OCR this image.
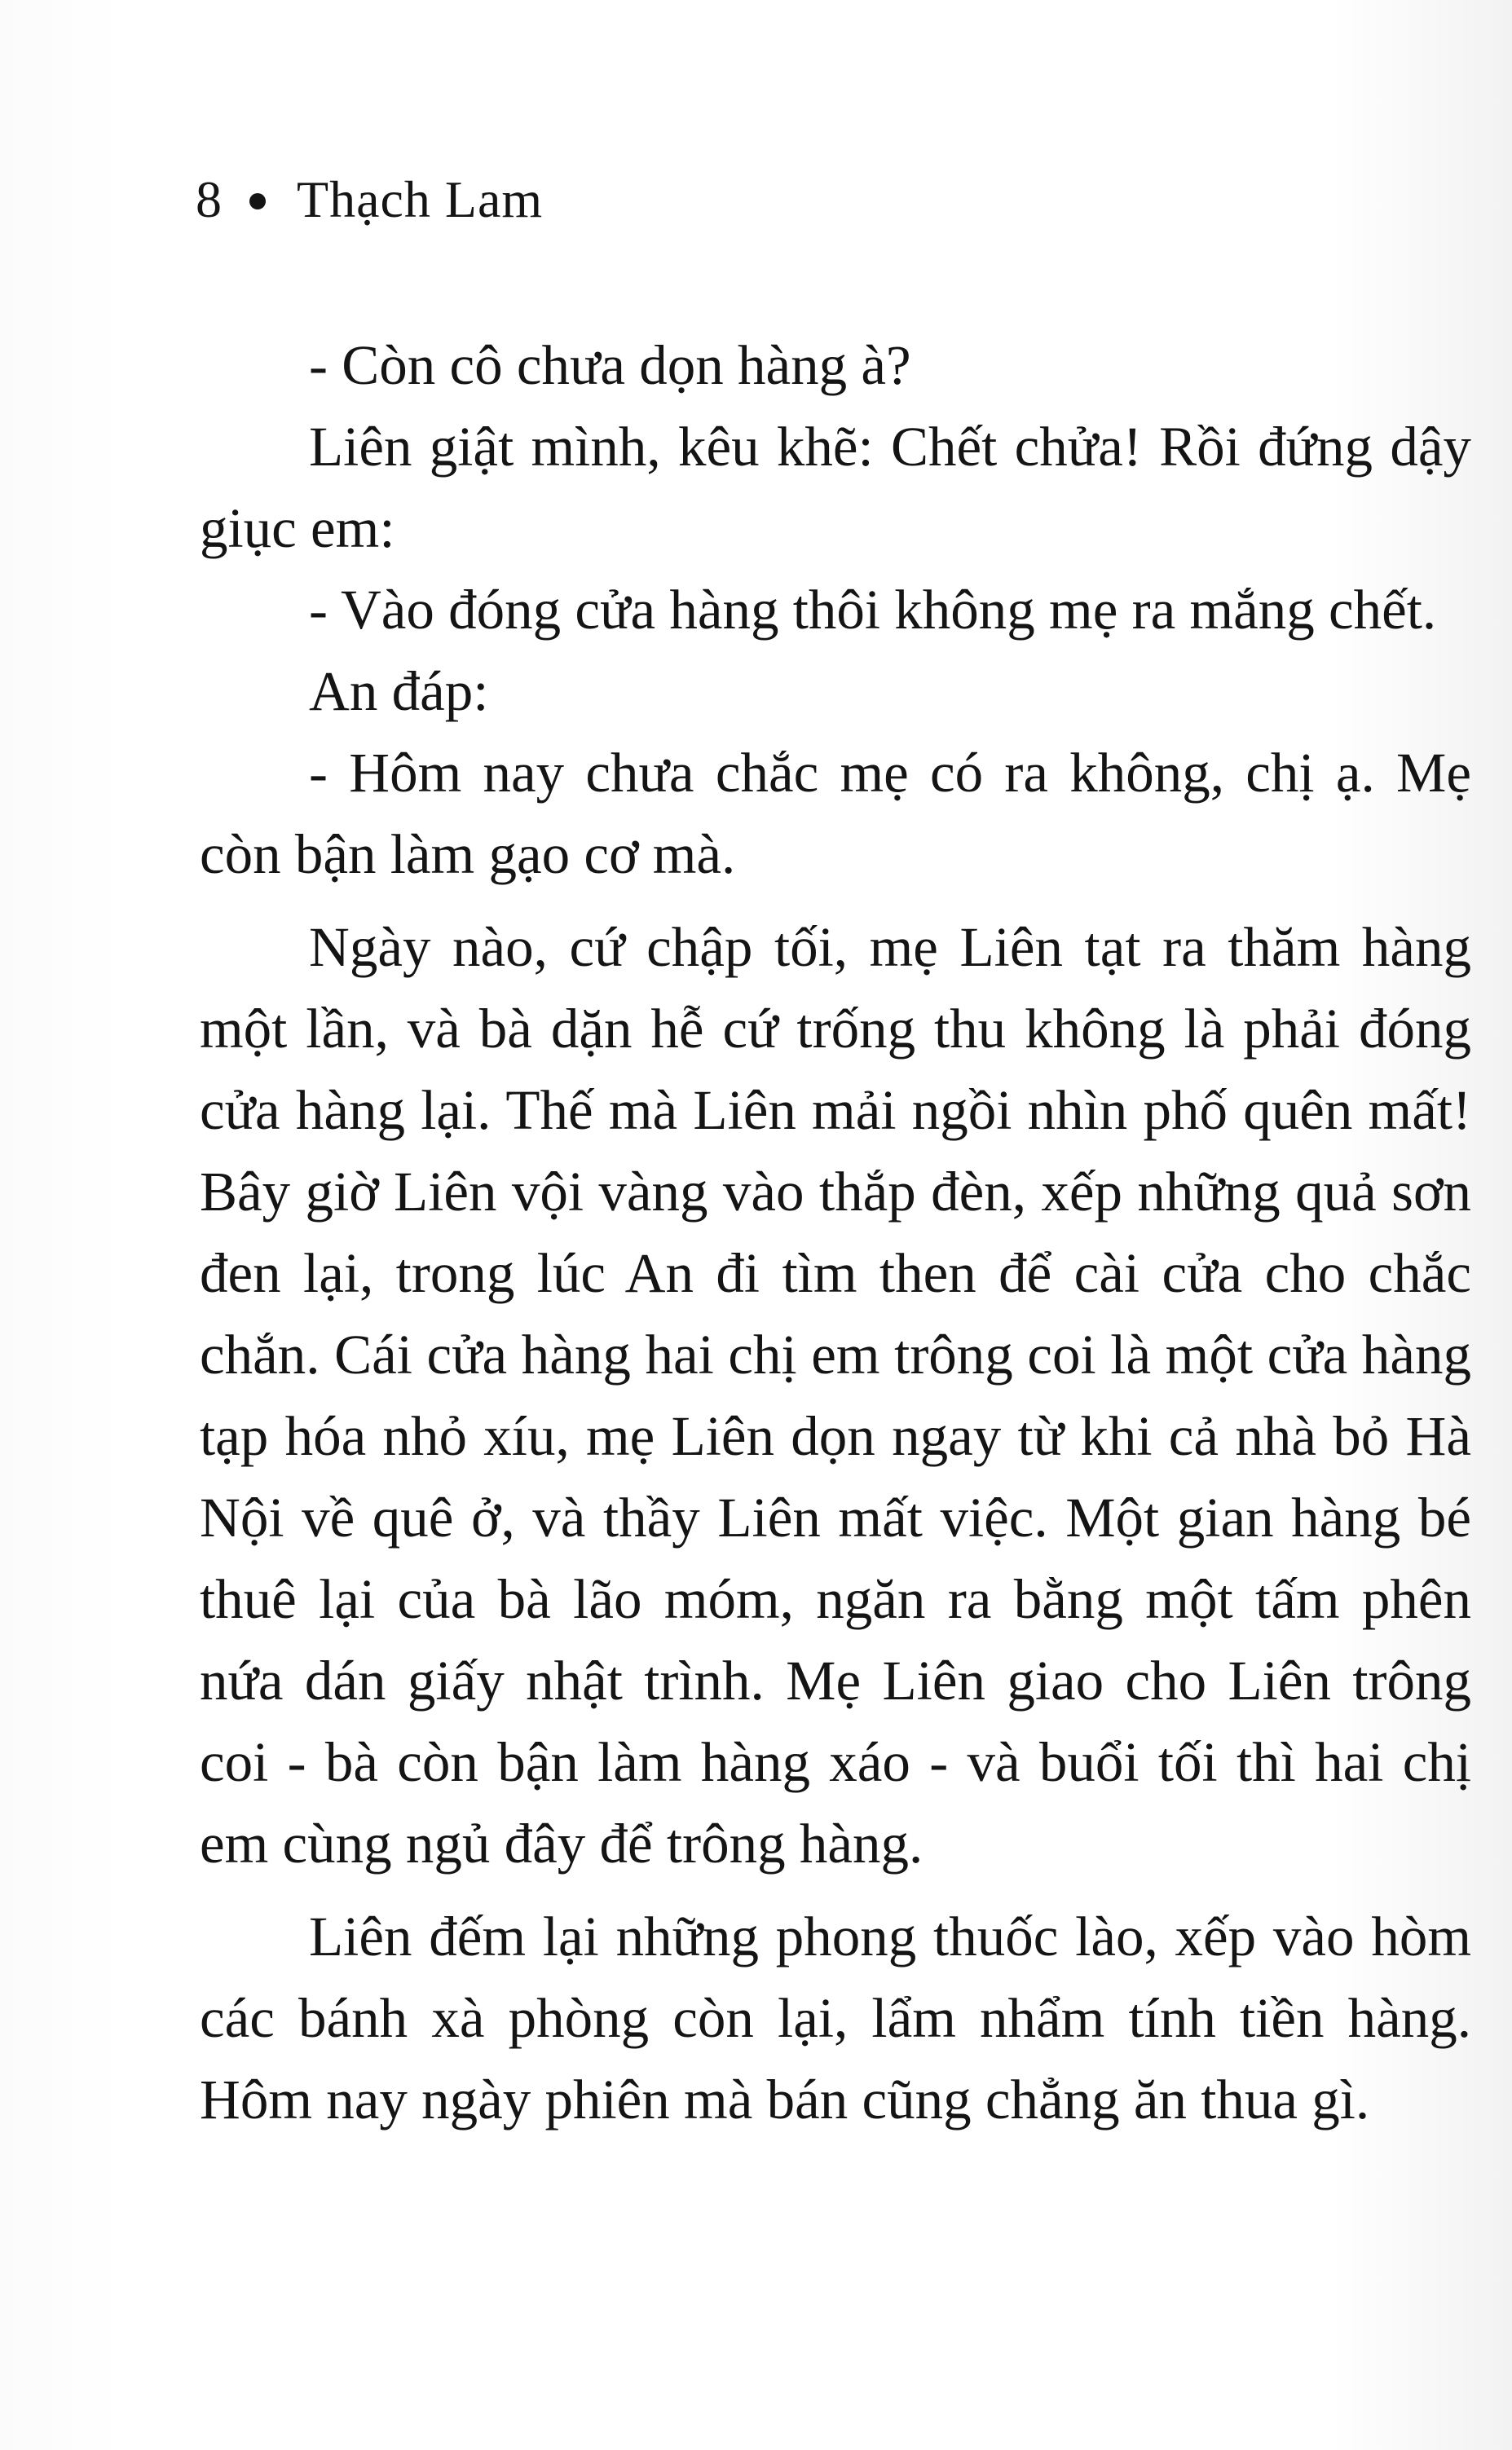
8 Thạch Lam

- Còn cô chưa dọn hàng à?

Liên giật mình, kêu khẽ: Chết chửa! Rồi đứng dậy giục em:

- Vào đóng cửa hàng thôi không mẹ ra mắng chết.

An đáp:

- Hôm nay chưa chắc mẹ có ra không, chị ạ. Mẹ còn bận làm gạo cơ mà.

Ngày nào, cứ chập tối, mẹ Liên tạt ra thăm hàng một lần, và bà dặn hễ cứ trống thu không là phải đóng cửa hàng lại. Thế mà Liên mải ngồi nhìn phố quên mất! Bây giờ Liên vội vàng vào thắp đèn, xếp những quả sơn đen lại, trong lúc An đi tìm then để cài cửa cho chắc chắn. Cái cửa hàng hai chị em trông coi là một cửa hàng tạp hóa nhỏ xíu, mẹ Liên dọn ngay từ khi cả nhà bỏ Hà Nội về quê ở, và thầy Liên mất việc. Một gian hàng bé thuê lại của bà lão móm, ngăn ra bằng một tấm phên nứa dán giấy nhật trình. Mẹ Liên giao cho Liên trông coi - bà còn bận làm hàng xáo - và buổi tối thì hai chị em cùng ngủ đây để trông hàng.

Liên đếm lại những phong thuốc lào, xếp vào hòm các bánh xà phòng còn lại, lẩm nhẩm tính tiền hàng. Hôm nay ngày phiên mà bán cũng chẳng ăn thua gì.
